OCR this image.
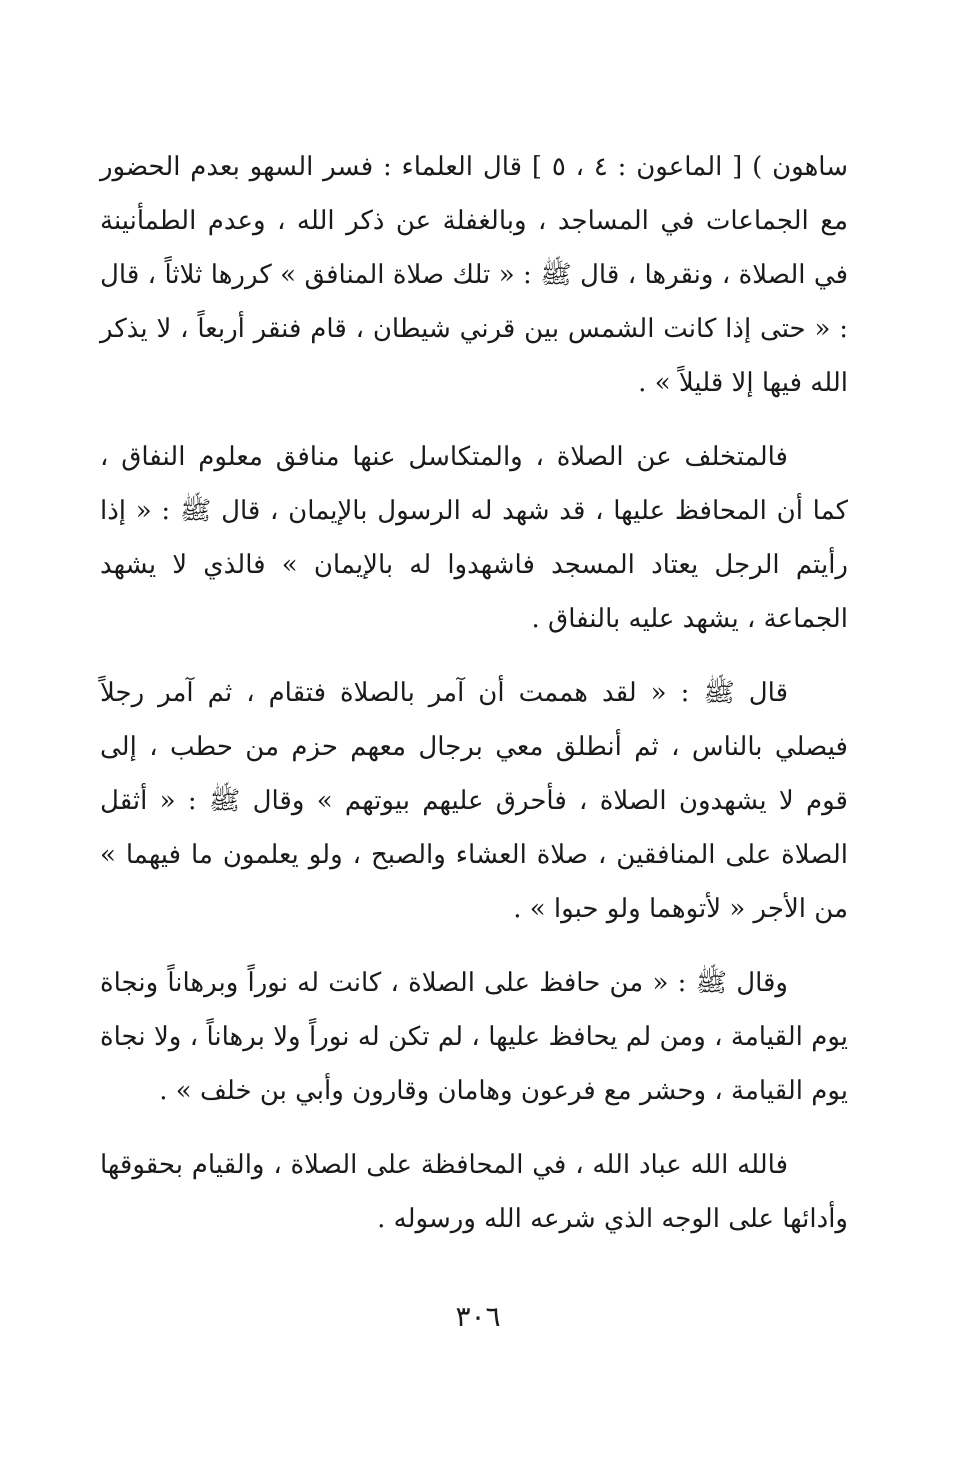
ساهون ) [ الماعون : ٤ ، ٥ ] قال العلماء : فسر السهو بعدم الحضور مع الجماعات في المساجد ، وبالغفلة عن ذكر الله ، وعدم الطمأنينة في الصلاة ، ونقرها ، قال ﷺ : « تلك صلاة المنافق » كررها ثلاثاً ، قال : « حتى إذا كانت الشمس بين قرني شيطان ، قام فنقر أربعاً ، لا يذكر الله فيها إلا قليلاً » .

فالمتخلف عن الصلاة ، والمتكاسل عنها منافق معلوم النفاق ، كما أن المحافظ عليها ، قد شهد له الرسول بالإيمان ، قال ﷺ : « إذا رأيتم الرجل يعتاد المسجد فاشهدوا له بالإيمان » فالذي لا يشهد الجماعة ، يشهد عليه بالنفاق .

قال ﷺ : « لقد هممت أن آمر بالصلاة فتقام ، ثم آمر رجلاً فيصلي بالناس ، ثم أنطلق معي برجال معهم حزم من حطب ، إلى قوم لا يشهدون الصلاة ، فأحرق عليهم بيوتهم » وقال ﷺ : « أثقل الصلاة على المنافقين ، صلاة العشاء والصبح ، ولو يعلمون ما فيهما » من الأجر « لأتوهما ولو حبوا » .

وقال ﷺ : « من حافظ على الصلاة ، كانت له نوراً وبرهاناً ونجاة يوم القيامة ، ومن لم يحافظ عليها ، لم تكن له نوراً ولا برهاناً ، ولا نجاة يوم القيامة ، وحشر مع فرعون وهامان وقارون وأبي بن خلف » .

فالله الله عباد الله ، في المحافظة على الصلاة ، والقيام بحقوقها وأدائها على الوجه الذي شرعه الله ورسوله .

٣٠٦
